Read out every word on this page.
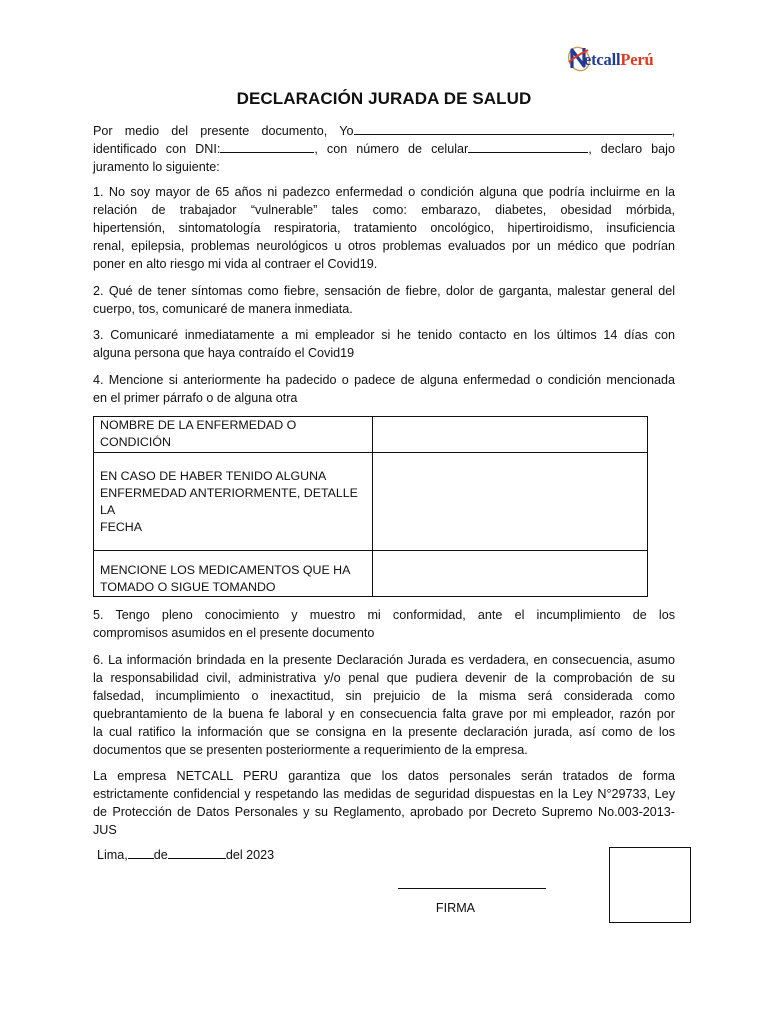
etcallPerú
DECLARACIÓN JURADA DE SALUD
Por medio del presente documento, Yo	,
identificado con DNI:	, con número de celular	, declaro bajo
juramento lo siguiente:
1. No soy mayor de 65 años ni padezco enfermedad o condición alguna que podría incluirme en la
relación de trabajador “vulnerable” tales como: embarazo, diabetes, obesidad mórbida,
hipertensión, sintomatología respiratoria, tratamiento oncológico, hipertiroidismo, insuficiencia
renal, epilepsia, problemas neurológicos u otros problemas evaluados por un médico que podrían
poner en alto riesgo mi vida al contraer el Covid19.
2. Qué de tener síntomas como fiebre, sensación de fiebre, dolor de garganta, malestar general del
cuerpo, tos, comunicaré de manera inmediata.
3. Comunicaré inmediatamente a mi empleador si he tenido contacto en los últimos 14 días con
alguna persona que haya contraído el Covid19
4. Mencione si anteriormente ha padecido o padece de alguna enfermedad o condición mencionada
en el primer párrafo o de alguna otra
NOMBRE DE LA ENFERMEDAD O CONDICIÓN	
EN CASO DE HABER TENIDO ALGUNA
ENFERMEDAD ANTERIORMENTE, DETALLE LA
FECHA	
MENCIONE LOS MEDICAMENTOS QUE HA
TOMADO O SIGUE TOMANDO	
5. Tengo pleno conocimiento y muestro mi conformidad, ante el incumplimiento de los
compromisos asumidos en el presente documento
6. La información brindada en la presente Declaración Jurada es verdadera, en consecuencia, asumo
la responsabilidad civil, administrativa y/o penal que pudiera devenir de la comprobación de su
falsedad, incumplimiento o inexactitud, sin prejuicio de la misma será considerada como
quebrantamiento de la buena fe laboral y en consecuencia falta grave por mi empleador, razón por
la cual ratifico la información que se consigna en la presente declaración jurada, así como de los
documentos que se presenten posteriormente a requerimiento de la empresa.
La empresa NETCALL PERU garantiza que los datos personales serán tratados de forma
estrictamente confidencial y respetando las medidas de seguridad dispuestas en la Ley N°29733, Ley
de Protección de Datos Personales y su Reglamento, aprobado por Decreto Supremo No.003-2013-
JUS
Lima, de	del 2023
FIRMA
